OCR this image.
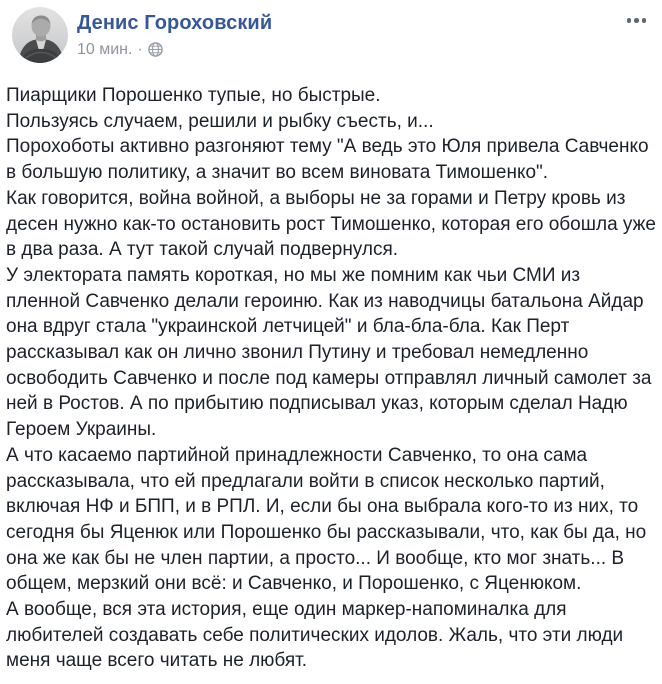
Денис Гороховский
10 мин. ·
Пиарщики Порошенко тупые, но быстрые.
Пользуясь случаем, решили и рыбку съесть, и...
Порохоботы активно разгоняют тему "А ведь это Юля привела Савченко в большую политику, а значит во всем виновата Тимошенко".
Как говорится, война войной, а выборы не за горами и Петру кровь из десен нужно как-то остановить рост Тимошенко, которая его обошла уже в два раза. А тут такой случай подвернулся.
У электората память короткая, но мы же помним как чьи СМИ из пленной Савченко делали героиню. Как из наводчицы батальона Айдар она вдруг стала "украинской летчицей" и бла-бла-бла. Как Перт рассказывал как он лично звонил Путину и требовал немедленно освободить Савченко и после под камеры отправлял личный самолет за ней в Ростов. А по прибытию подписывал указ, которым сделал Надю Героем Украины.
А что касаемо партийной принадлежности Савченко, то она сама рассказывала, что ей предлагали войти в список несколько партий, включая НФ и БПП, и в РПЛ. И, если бы она выбрала кого-то из них, то сегодня бы Яценюк или Порошенко бы рассказывали, что, как бы да, но она же как бы не член партии, а просто... И вообще, кто мог знать... В общем, мерзкий они всё: и Савченко, и Порошенко, с Яценюком.
А вообще, вся эта история, еще один маркер-напоминалка для любителей создавать себе политических идолов. Жаль, что эти люди меня чаще всего читать не любят.
